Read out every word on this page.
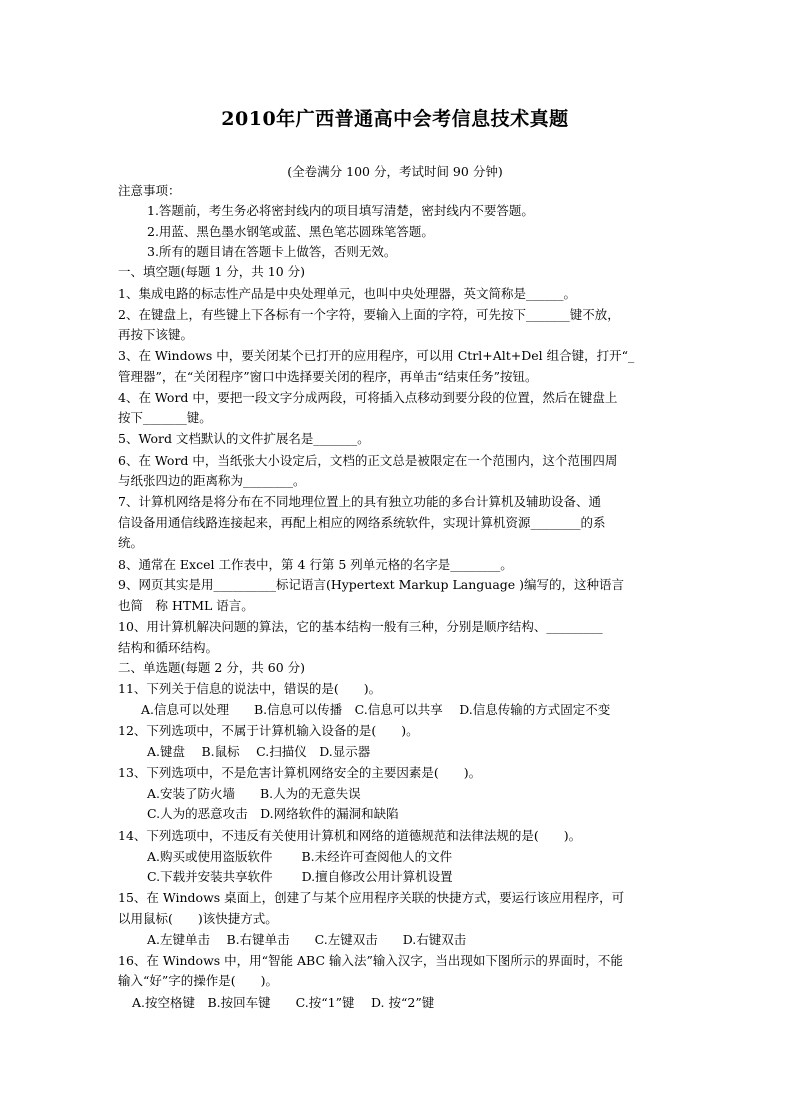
2010年广西普通高中会考信息技术真题
(全卷满分 100 分，考试时间 90 分钟)
注意事项：
1.答题前，考生务必将密封线内的项目填写清楚，密封线内不要答题。
2.用蓝、黑色墨水钢笔或蓝、黑色笔芯圆珠笔答题。
3.所有的题目请在答题卡上做答，否则无效。
一、填空题(每题 1 分，共 10 分)
1、集成电路的标志性产品是中央处理单元，也叫中央处理器，英文简称是______。
2、在键盘上，有些键上下各标有一个字符，要输入上面的字符，可先按下_______键不放，
再按下该键。
3、在 Windows 中，要关闭某个已打开的应用程序，可以用 Ctrl+Alt+Del 组合键，打开“_
管理器”，在“关闭程序”窗口中选择要关闭的程序，再单击“结束任务”按钮。
4、在 Word 中，要把一段文字分成两段，可将插入点移动到要分段的位置，然后在键盘上
按下_______键。
5、Word 文档默认的文件扩展名是_______。
6、在 Word 中，当纸张大小设定后，文档的正文总是被限定在一个范围内，这个范围四周
与纸张四边的距离称为________。
7、计算机网络是将分布在不同地理位置上的具有独立功能的多台计算机及辅助设备、通
信设备用通信线路连接起来，再配上相应的网络系统软件，实现计算机资源________的系
统。
8、通常在 Excel 工作表中，第 4 行第 5 列单元格的名字是________。
9、网页其实是用__________标记语言(Hypertext Markup Language )编写的，这种语言
也简　称 HTML 语言。
10、用计算机解决问题的算法，它的基本结构一般有三种，分别是顺序结构、_________
结构和循环结构。
二、单选题(每题 2 分，共 60 分)
11、下列关于信息的说法中，错误的是(　　)。
A.信息可以处理　　B.信息可以传播　C.信息可以共享　 D.信息传输的方式固定不变
12、下列选项中，不属于计算机输入设备的是(　　)。
A.键盘　 B.鼠标　 C.扫描仪　D.显示器
13、下列选项中，不是危害计算机网络安全的主要因素是(　　)。
A.安装了防火墙　　B.人为的无意失误
C.人为的恶意攻击　D.网络软件的漏洞和缺陷
14、下列选项中，不违反有关使用计算机和网络的道德规范和法律法规的是(　　)。
A.购买或使用盗版软件　　 B.未经许可查阅他人的文件
C.下载并安装共享软件　　 D.擅自修改公用计算机设置
15、在 Windows 桌面上，创建了与某个应用程序关联的快捷方式，要运行该应用程序，可
以用鼠标(　　)该快捷方式。
A.左键单击　 B.右键单击　　C.左键双击　　D.右键双击
16、在 Windows 中，用“智能 ABC 输入法”输入汉字，当出现如下图所示的界面时，不能
输入“好”字的操作是(　　)。
A.按空格键　B.按回车键　　C.按“1”键　 D. 按“2”键
